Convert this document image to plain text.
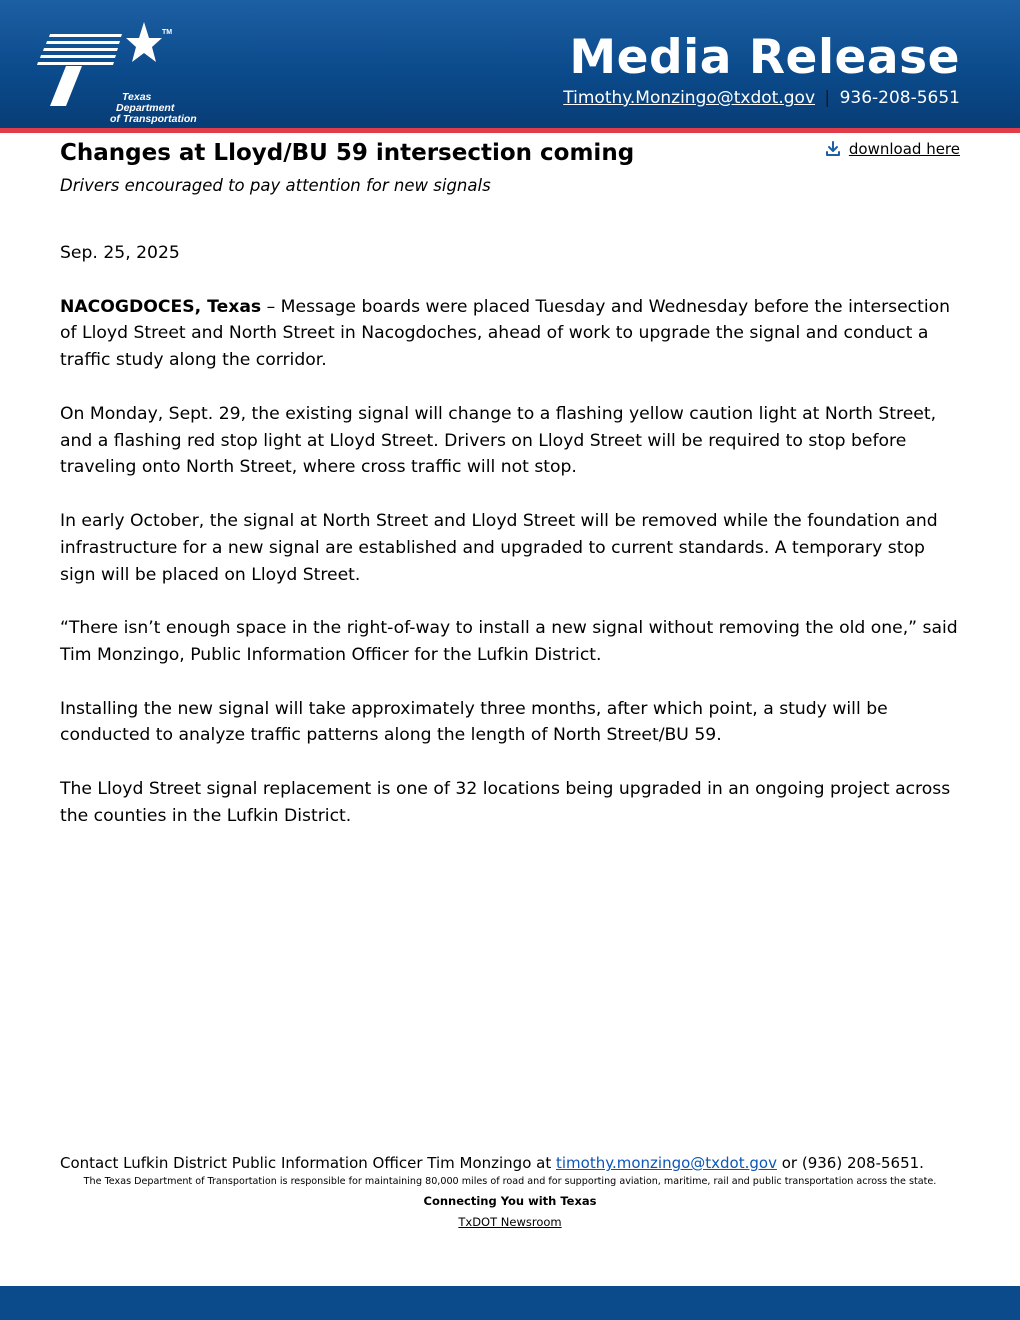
TM
Texas
Department
of Transportation
Media Release
Timothy.Monzingo@txdot.gov | 936-208-5651
Changes at Lloyd/BU 59 intersection coming
Drivers encouraged to pay attention for new signals
download here

Sep. 25, 2025

NACOGDOCES, Texas – Message boards were placed Tuesday and Wednesday before the intersection of Lloyd Street and North Street in Nacogdoches, ahead of work to upgrade the signal and conduct a traffic study along the corridor.

On Monday, Sept. 29, the existing signal will change to a flashing yellow caution light at North Street, and a flashing red stop light at Lloyd Street. Drivers on Lloyd Street will be required to stop before traveling onto North Street, where cross traffic will not stop.

In early October, the signal at North Street and Lloyd Street will be removed while the foundation and infrastructure for a new signal are established and upgraded to current standards. A temporary stop sign will be placed on Lloyd Street.

“There isn’t enough space in the right-of-way to install a new signal without removing the old one,” said Tim Monzingo, Public Information Officer for the Lufkin District.

Installing the new signal will take approximately three months, after which point, a study will be conducted to analyze traffic patterns along the length of North Street/BU 59.

The Lloyd Street signal replacement is one of 32 locations being upgraded in an ongoing project across the counties in the Lufkin District.

Contact Lufkin District Public Information Officer Tim Monzingo at timothy.monzingo@txdot.gov or (936) 208-5651.
The Texas Department of Transportation is responsible for maintaining 80,000 miles of road and for supporting aviation, maritime, rail and public transportation across the state.
Connecting You with Texas
TxDOT Newsroom
